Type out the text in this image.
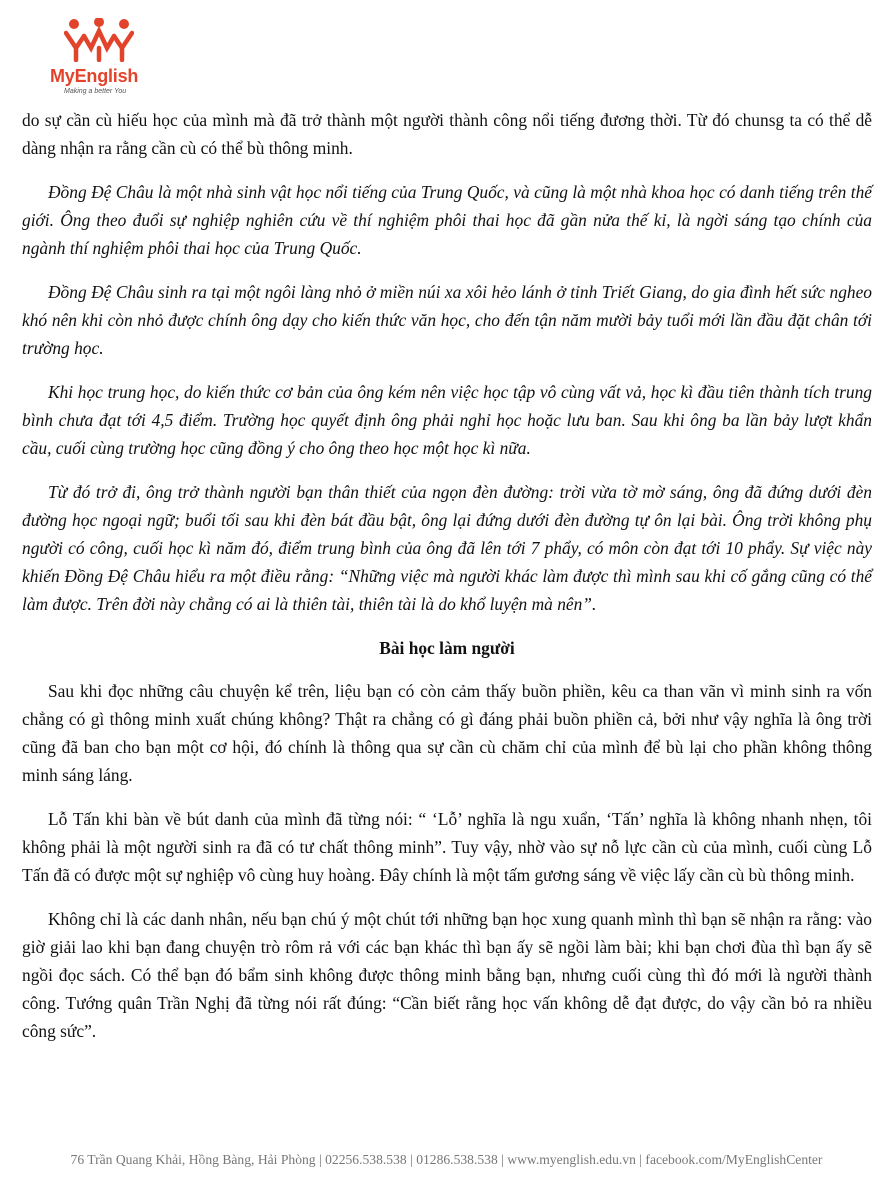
MyEnglish
Making a better You

do sự cần cù hiếu học của mình mà đã trở thành một người thành công nổi tiếng đương thời. Từ đó chunsg ta có thể dễ dàng nhận ra rằng cần cù có thể bù thông minh.

Đồng Đệ Châu là một nhà sinh vật học nổi tiếng của Trung Quốc, và cũng là một nhà khoa học có danh tiếng trên thế giới. Ông theo đuổi sự nghiệp nghiên cứu về thí nghiệm phôi thai học đã gần nửa thế kỉ, là ngời sáng tạo chính của ngành thí nghiệm phôi thai học của Trung Quốc.

Đồng Đệ Châu sinh ra tại một ngôi làng nhỏ ở miền núi xa xôi hẻo lánh ở tỉnh Triết Giang, do gia đình hết sức ngheo khó nên khi còn nhỏ được chính ông dạy cho kiến thức văn học, cho đến tận năm mười bảy tuổi mới lần đầu đặt chân tới trường học.

Khi học trung học, do kiến thức cơ bản của ông kém nên việc học tập vô cùng vất vả, học kì đầu tiên thành tích trung bình chưa đạt tới 4,5 điểm. Trường học quyết định ông phải nghỉ học hoặc lưu ban. Sau khi ông ba lần bảy lượt khẩn cầu, cuối cùng trường học cũng đồng ý cho ông theo học một học kì nữa.

Từ đó trở đi, ông trở thành người bạn thân thiết của ngọn đèn đường: trời vừa tờ mờ sáng, ông đã đứng dưới đèn đường học ngoại ngữ; buổi tối sau khi đèn bát đầu bật, ông lại đứng dưới đèn đường tự ôn lại bài. Ông trời không phụ người có công, cuối học kì năm đó, điểm trung bình của ông đã lên tới 7 phẩy, có môn còn đạt tới 10 phẩy. Sự việc này khiến Đồng Đệ Châu hiểu ra một điều rằng: “Những việc mà người khác làm được thì mình sau khi cố gắng cũng có thể làm được. Trên đời này chẳng có ai là thiên tài, thiên tài là do khổ luyện mà nên”.

Bài học làm người

Sau khi đọc những câu chuyện kể trên, liệu bạn có còn cảm thấy buồn phiền, kêu ca than vãn vì minh sinh ra vốn chẳng có gì thông minh xuất chúng không? Thật ra chẳng có gì đáng phải buồn phiền cả, bởi như vậy nghĩa là ông trời cũng đã ban cho bạn một cơ hội, đó chính là thông qua sự cần cù chăm chỉ của mình để bù lại cho phần không thông minh sáng láng.

Lỗ Tấn khi bàn về bút danh của mình đã từng nói: “ ‘Lỗ’ nghĩa là ngu xuẩn, ‘Tấn’ nghĩa là không nhanh nhẹn, tôi không phải là một người sinh ra đã có tư chất thông minh”. Tuy vậy, nhờ vào sự nỗ lực cần cù của mình, cuối cùng Lỗ Tấn đã có được một sự nghiệp vô cùng huy hoàng. Đây chính là một tấm gương sáng về việc lấy cần cù bù thông minh.

Không chỉ là các danh nhân, nếu bạn chú ý một chút tới những bạn học xung quanh mình thì bạn sẽ nhận ra rằng: vào giờ giải lao khi bạn đang chuyện trò rôm rả với các bạn khác thì bạn ấy sẽ ngồi làm bài; khi bạn chơi đùa thì bạn ấy sẽ ngồi đọc sách. Có thể bạn đó bẩm sinh không được thông minh bằng bạn, nhưng cuối cùng thì đó mới là người thành công. Tướng quân Trần Nghị đã từng nói rất đúng: “Cần biết rằng học vấn không dễ đạt được, do vậy cần bỏ ra nhiều công sức”.

76 Trần Quang Khải, Hồng Bàng, Hải Phòng | 02256.538.538 | 01286.538.538 | www.myenglish.edu.vn | facebook.com/MyEnglishCenter
